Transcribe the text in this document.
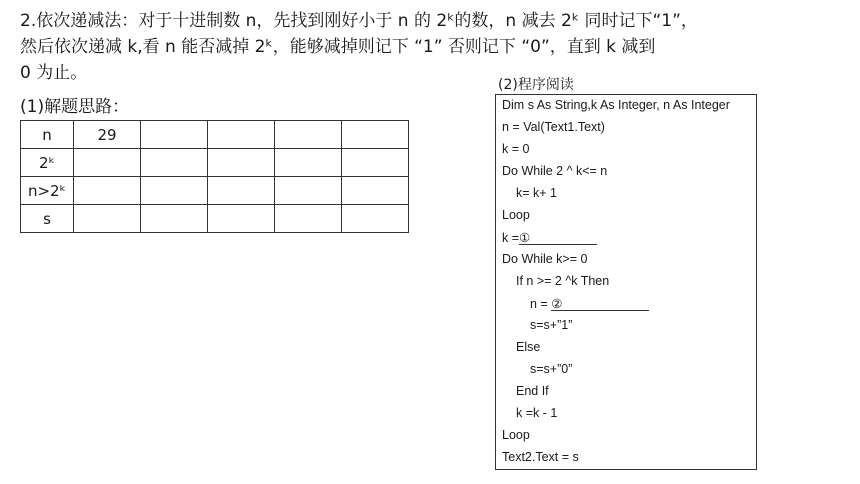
2.依次递减法：对于十进制数 n，先找到刚好小于 n 的 2ᵏ的数，n 减去 2ᵏ 同时记下“1”，
然后依次递减 k,看 n 能否减掉 2ᵏ，能够减掉则记下 “1” 否则记下 “0”，直到 k 减到
0 为止。
(1)解题思路：
n	29				
2ᵏ					
n>2ᵏ					
s					
(2)程序阅读
Dim s As String,k As Integer, n As Integer
n = Val(Text1.Text)
k = 0
Do While 2 ^ k<= n
k= k+ 1
Loop
k =①
Do While k>= 0
If n >= 2 ^k Then
n = ②
s=s+”1”
Else
s=s+”0”
End If
k =k - 1
Loop
Text2.Text = s
